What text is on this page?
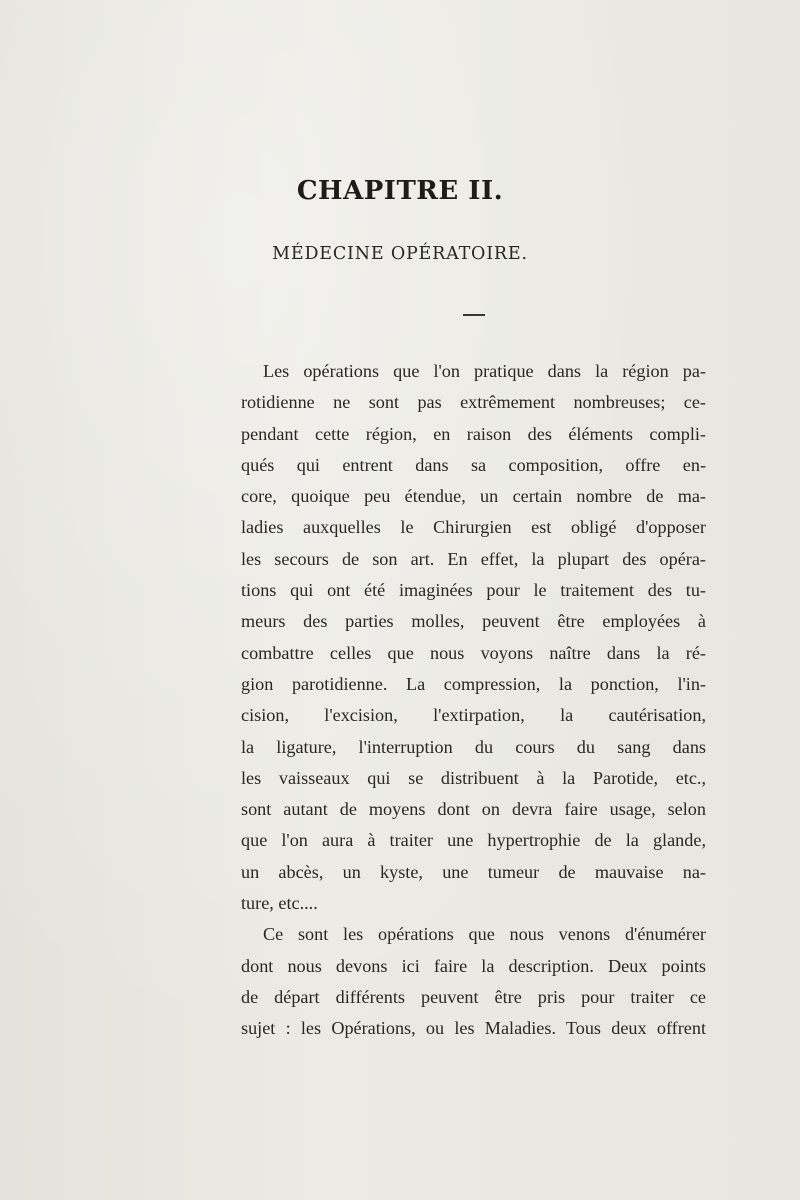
CHAPITRE II.
MÉDECINE OPÉRATOIRE.
Les opérations que l'on pratique dans la région pa-
rotidienne ne sont pas extrêmement nombreuses; ce-
pendant cette région, en raison des éléments compli-
qués qui entrent dans sa composition, offre en-
core, quoique peu étendue, un certain nombre de ma-
ladies auxquelles le Chirurgien est obligé d'opposer
les secours de son art. En effet, la plupart des opéra-
tions qui ont été imaginées pour le traitement des tu-
meurs des parties molles, peuvent être employées à
combattre celles que nous voyons naître dans la ré-
gion parotidienne. La compression, la ponction, l'in-
cision, l'excision, l'extirpation, la cautérisation,
la ligature, l'interruption du cours du sang dans
les vaisseaux qui se distribuent à la Parotide, etc.,
sont autant de moyens dont on devra faire usage, selon
que l'on aura à traiter une hypertrophie de la glande,
un abcès, un kyste, une tumeur de mauvaise na-
ture, etc....
Ce sont les opérations que nous venons d'énumérer
dont nous devons ici faire la description. Deux points
de départ différents peuvent être pris pour traiter ce
sujet : les Opérations, ou les Maladies. Tous deux offrent
